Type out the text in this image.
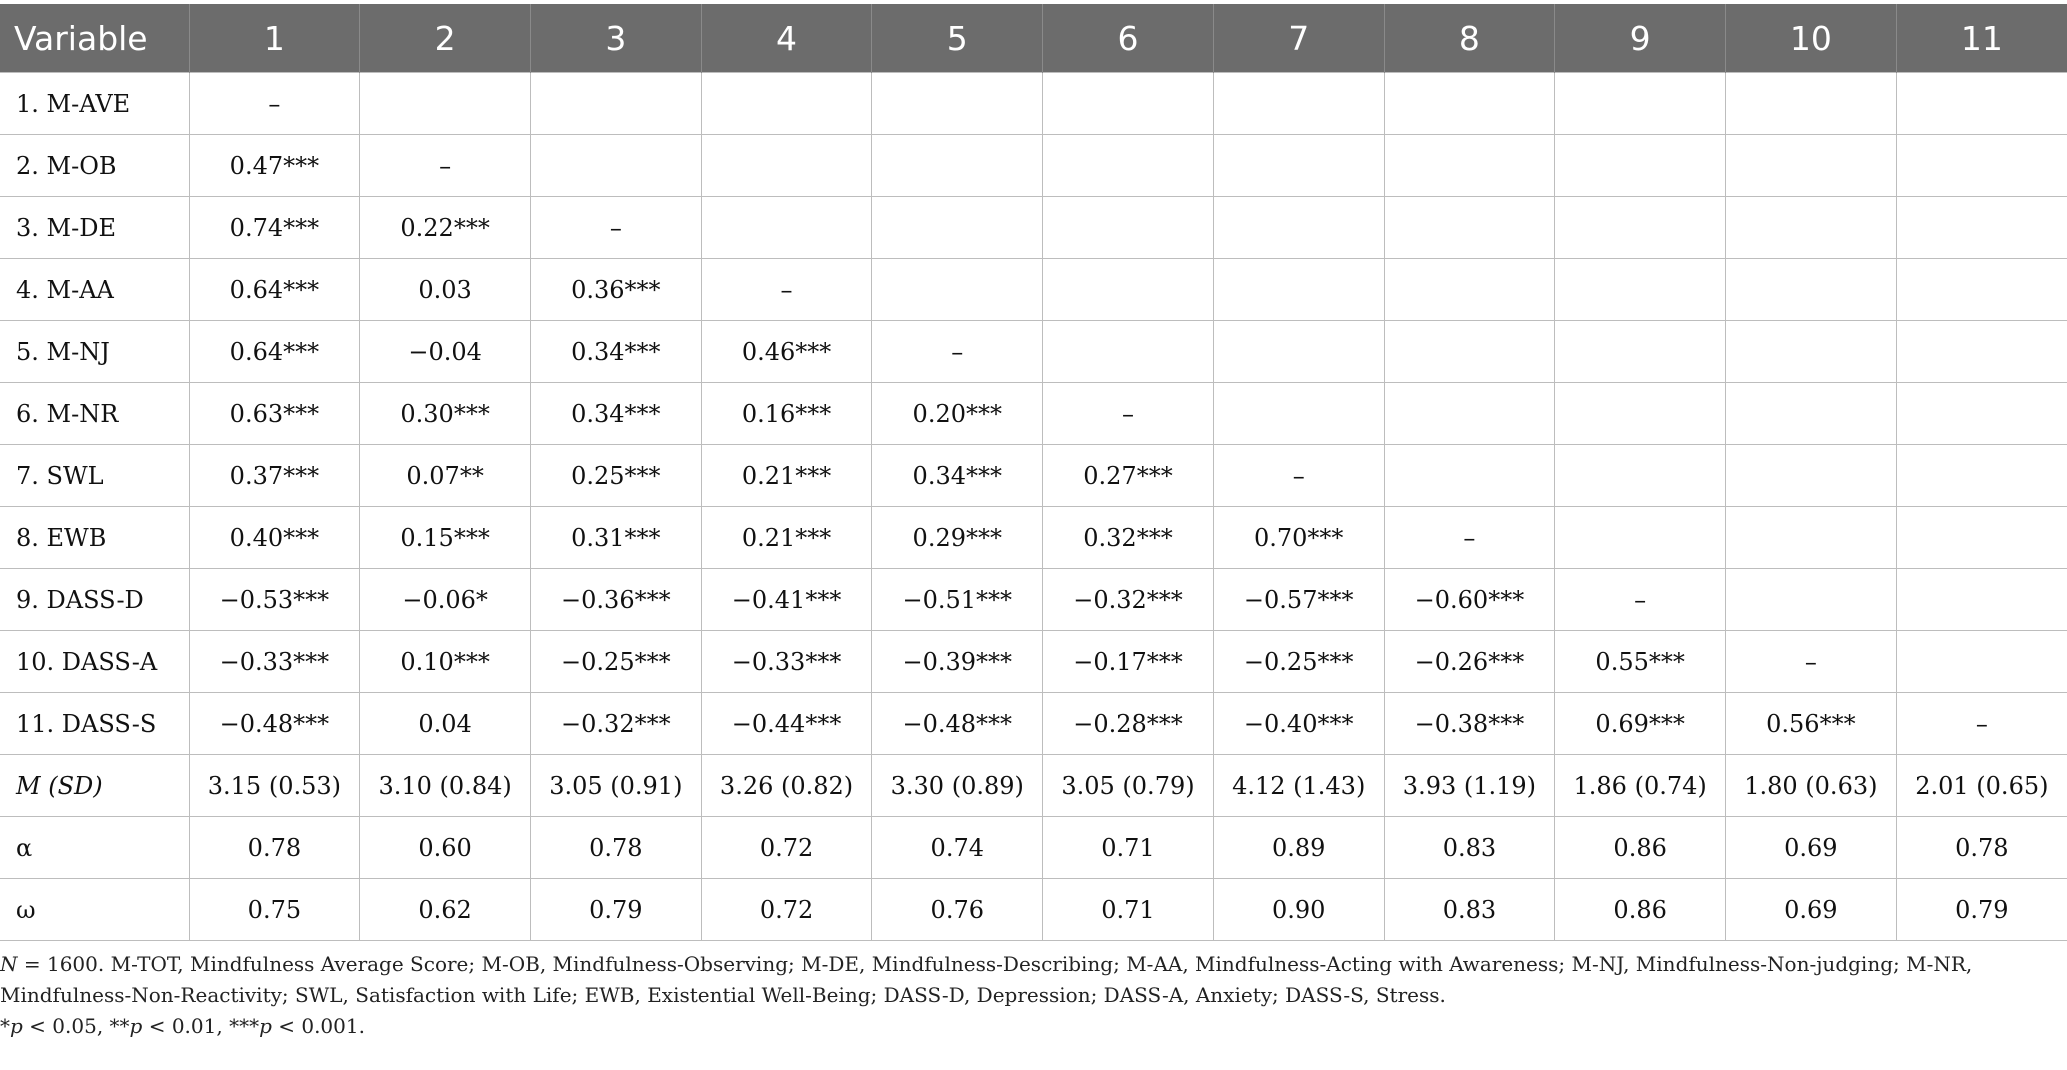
Variable	1	2	3	4	5	6	7	8	9	10	11
1. M-AVE	–										
2. M-OB	0.47***	–									
3. M-DE	0.74***	0.22***	–								
4. M-AA	0.64***	0.03	0.36***	–							
5. M-NJ	0.64***	−0.04	0.34***	0.46***	–						
6. M-NR	0.63***	0.30***	0.34***	0.16***	0.20***	–					
7. SWL	0.37***	0.07**	0.25***	0.21***	0.34***	0.27***	–				
8. EWB	0.40***	0.15***	0.31***	0.21***	0.29***	0.32***	0.70***	–			
9. DASS-D	−0.53***	−0.06*	−0.36***	−0.41***	−0.51***	−0.32***	−0.57***	−0.60***	–		
10. DASS-A	−0.33***	0.10***	−0.25***	−0.33***	−0.39***	−0.17***	−0.25***	−0.26***	0.55***	–	
11. DASS-S	−0.48***	0.04	−0.32***	−0.44***	−0.48***	−0.28***	−0.40***	−0.38***	0.69***	0.56***	–
M (SD)	3.15 (0.53)	3.10 (0.84)	3.05 (0.91)	3.26 (0.82)	3.30 (0.89)	3.05 (0.79)	4.12 (1.43)	3.93 (1.19)	1.86 (0.74)	1.80 (0.63)	2.01 (0.65)
α	0.78	0.60	0.78	0.72	0.74	0.71	0.89	0.83	0.86	0.69	0.78
ω	0.75	0.62	0.79	0.72	0.76	0.71	0.90	0.83	0.86	0.69	0.79

N = 1600. M-TOT, Mindfulness Average Score; M-OB, Mindfulness-Observing; M-DE, Mindfulness-Describing; M-AA, Mindfulness-Acting with Awareness; M-NJ, Mindfulness-Non-judging; M-NR, Mindfulness-Non-Reactivity; SWL, Satisfaction with Life; EWB, Existential Well-Being; DASS-D, Depression; DASS-A, Anxiety; DASS-S, Stress.

*p < 0.05, **p < 0.01, ***p < 0.001.
